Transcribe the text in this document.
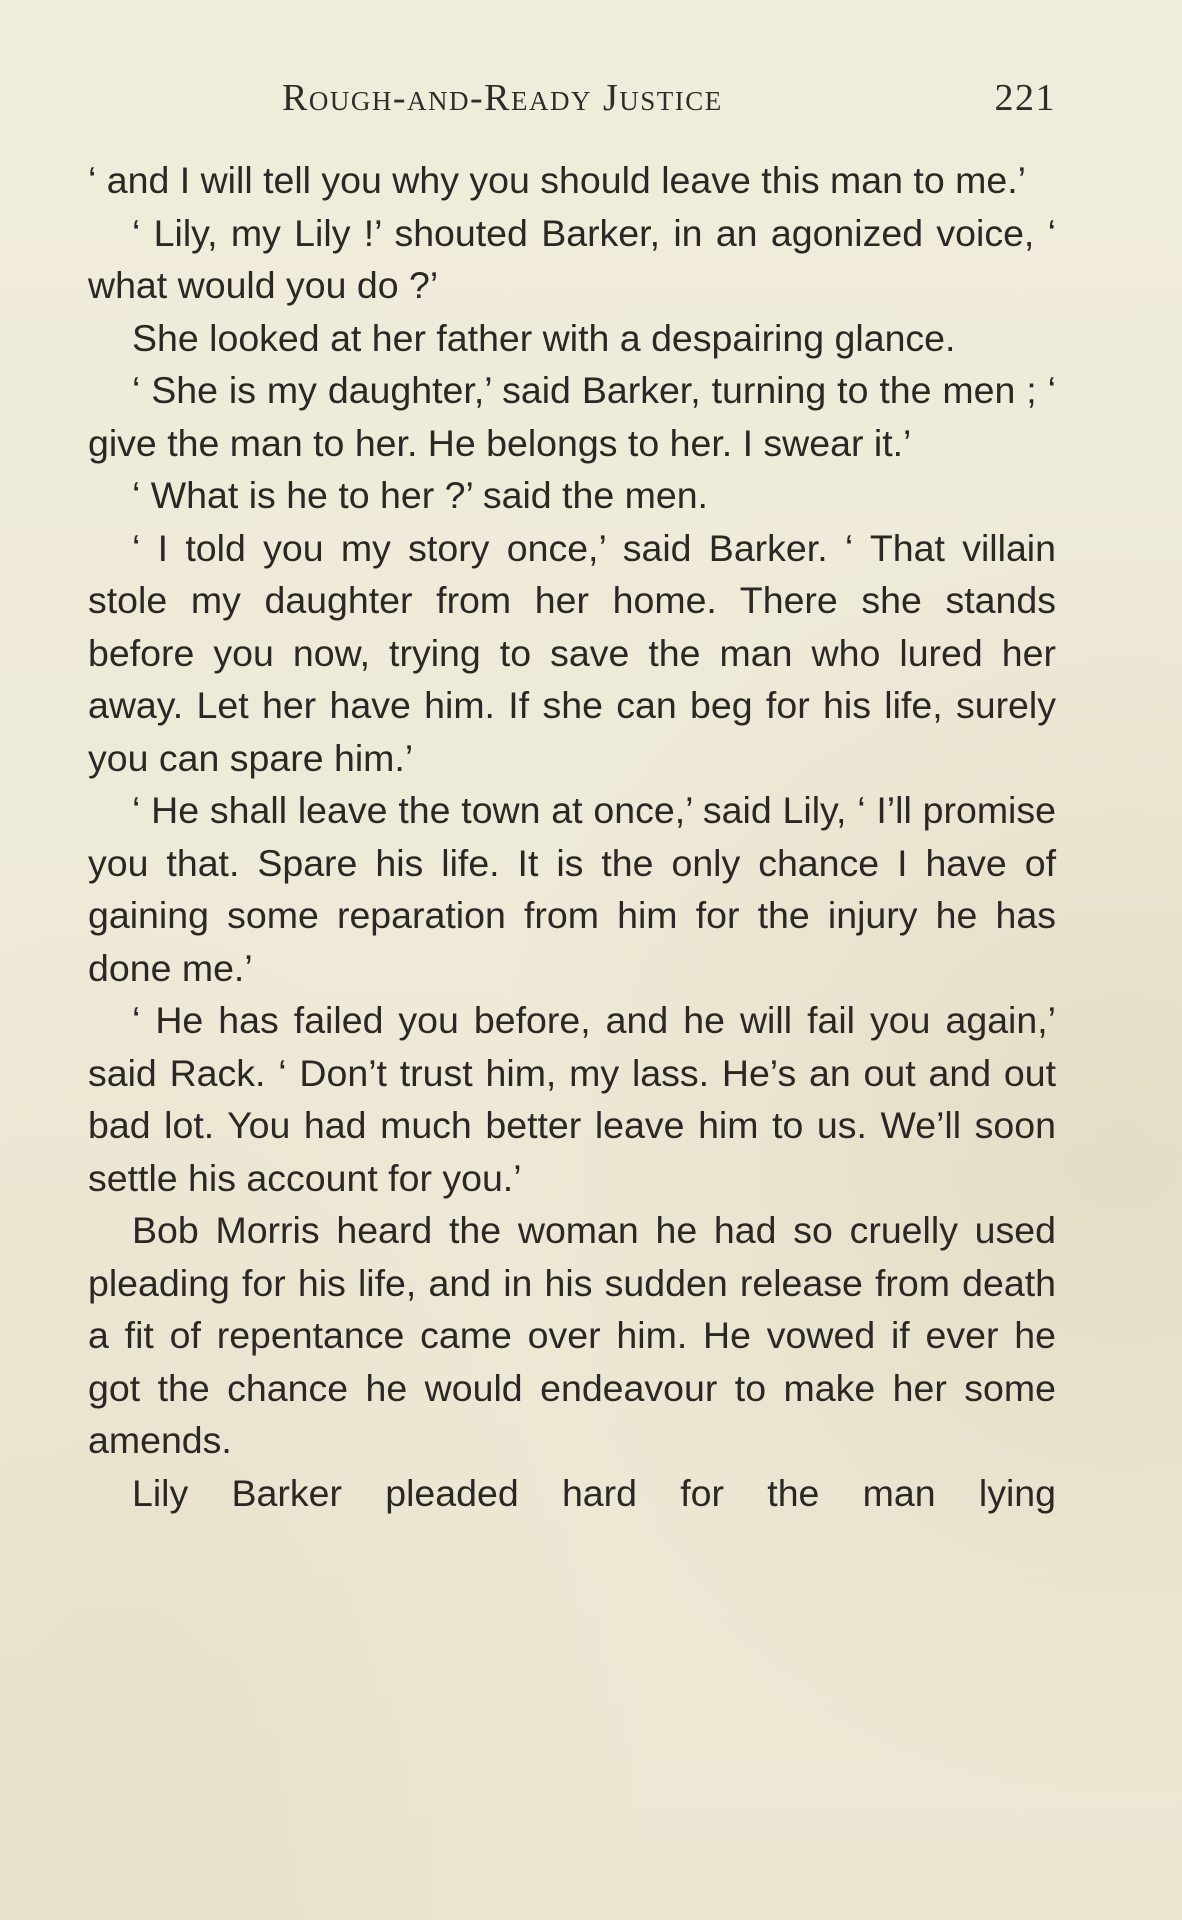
Rough-and-Ready Justice	221

‘ and I will tell you why you should leave this man to me.’

‘ Lily, my Lily !’ shouted Barker, in an agonized voice, ‘ what would you do ?’

She looked at her father with a despairing glance.

‘ She is my daughter,’ said Barker, turning to the men ; ‘ give the man to her. He belongs to her. I swear it.’

‘ What is he to her ?’ said the men.

‘ I told you my story once,’ said Barker. ‘ That villain stole my daughter from her home. There she stands before you now, trying to save the man who lured her away. Let her have him. If she can beg for his life, surely you can spare him.’

‘ He shall leave the town at once,’ said Lily, ‘ I’ll promise you that. Spare his life. It is the only chance I have of gaining some reparation from him for the injury he has done me.’

‘ He has failed you before, and he will fail you again,’ said Rack. ‘ Don’t trust him, my lass. He’s an out and out bad lot. You had much better leave him to us. We’ll soon settle his account for you.’

Bob Morris heard the woman he had so cruelly used pleading for his life, and in his sudden release from death a fit of repentance came over him. He vowed if ever he got the chance he would endeavour to make her some amends.

Lily Barker pleaded hard for the man lying
